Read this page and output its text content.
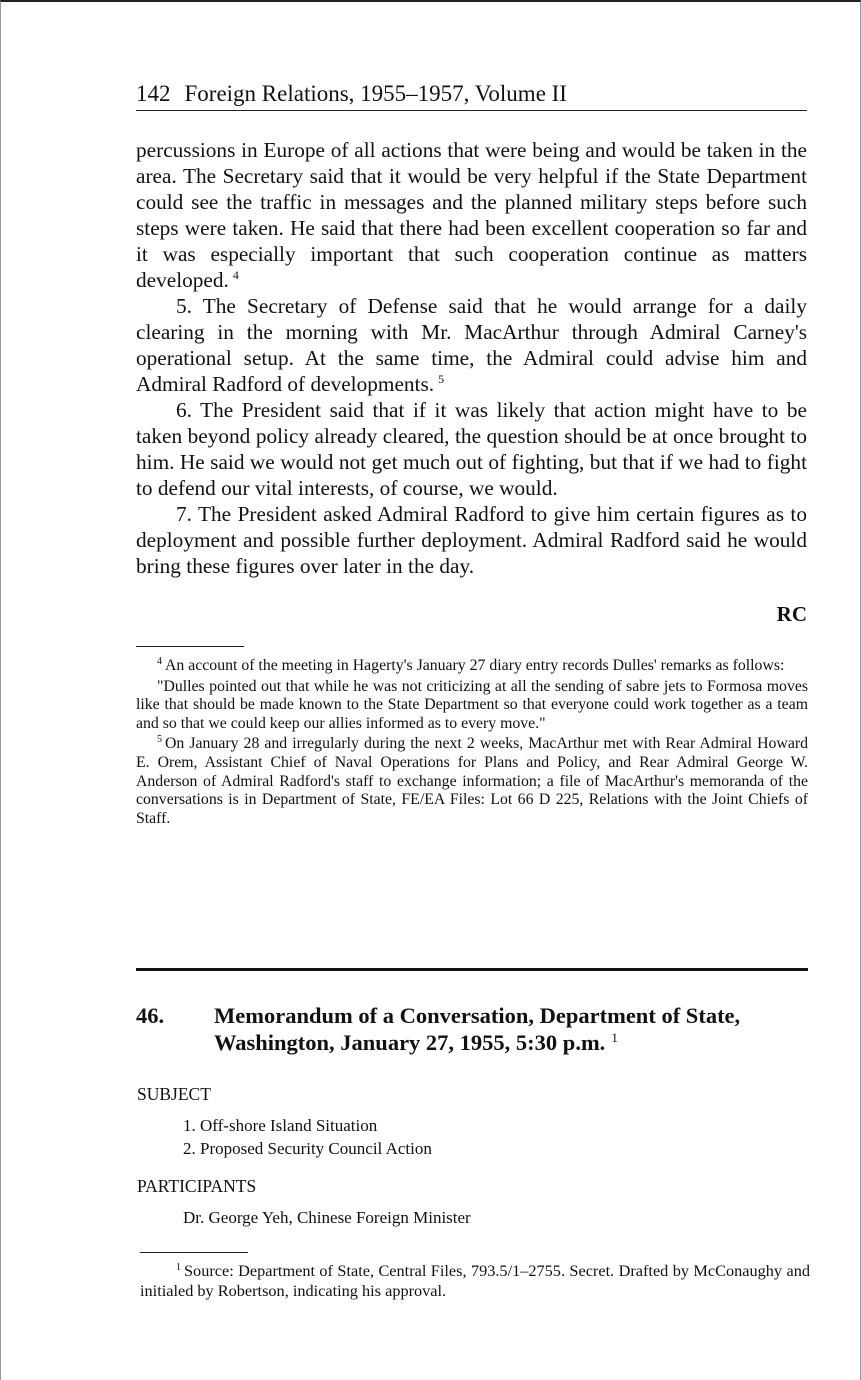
142 Foreign Relations, 1955–1957, Volume II

percussions in Europe of all actions that were being and would be taken in the area. The Secretary said that it would be very helpful if the State Department could see the traffic in messages and the planned military steps before such steps were taken. He said that there had been excellent cooperation so far and it was especially important that such cooperation continue as matters developed. $^4$

5. The Secretary of Defense said that he would arrange for a daily clearing in the morning with Mr. MacArthur through Admiral Carney's operational setup. At the same time, the Admiral could advise him and Admiral Radford of developments. $^5$

6. The President said that if it was likely that action might have to be taken beyond policy already cleared, the question should be at once brought to him. He said we would not get much out of fighting, but that if we had to fight to defend our vital interests, of course, we would.

7. The President asked Admiral Radford to give him certain figures as to deployment and possible further deployment. Admiral Radford said he would bring these figures over later in the day.

RC

$^4$ An account of the meeting in Hagerty's January 27 diary entry records Dulles' remarks as follows:

"Dulles pointed out that while he was not criticizing at all the sending of sabre jets to Formosa moves like that should be made known to the State Department so that everyone could work together as a team and so that we could keep our allies informed as to every move."

$^5$ On January 28 and irregularly during the next 2 weeks, MacArthur met with Rear Admiral Howard E. Orem, Assistant Chief of Naval Operations for Plans and Policy, and Rear Admiral George W. Anderson of Admiral Radford's staff to exchange information; a file of MacArthur's memoranda of the conversations is in Department of State, FE/EA Files: Lot 66 D 225, Relations with the Joint Chiefs of Staff.

46. Memorandum of a Conversation, Department of State, Washington, January 27, 1955, 5:30 p.m. $^1$
SUBJECT
1. Off-shore Island Situation
2. Proposed Security Council Action
PARTICIPANTS
Dr. George Yeh, Chinese Foreign Minister

$^1$ Source: Department of State, Central Files, 793.5/1–2755. Secret. Drafted by McConaughy and initialed by Robertson, indicating his approval.
